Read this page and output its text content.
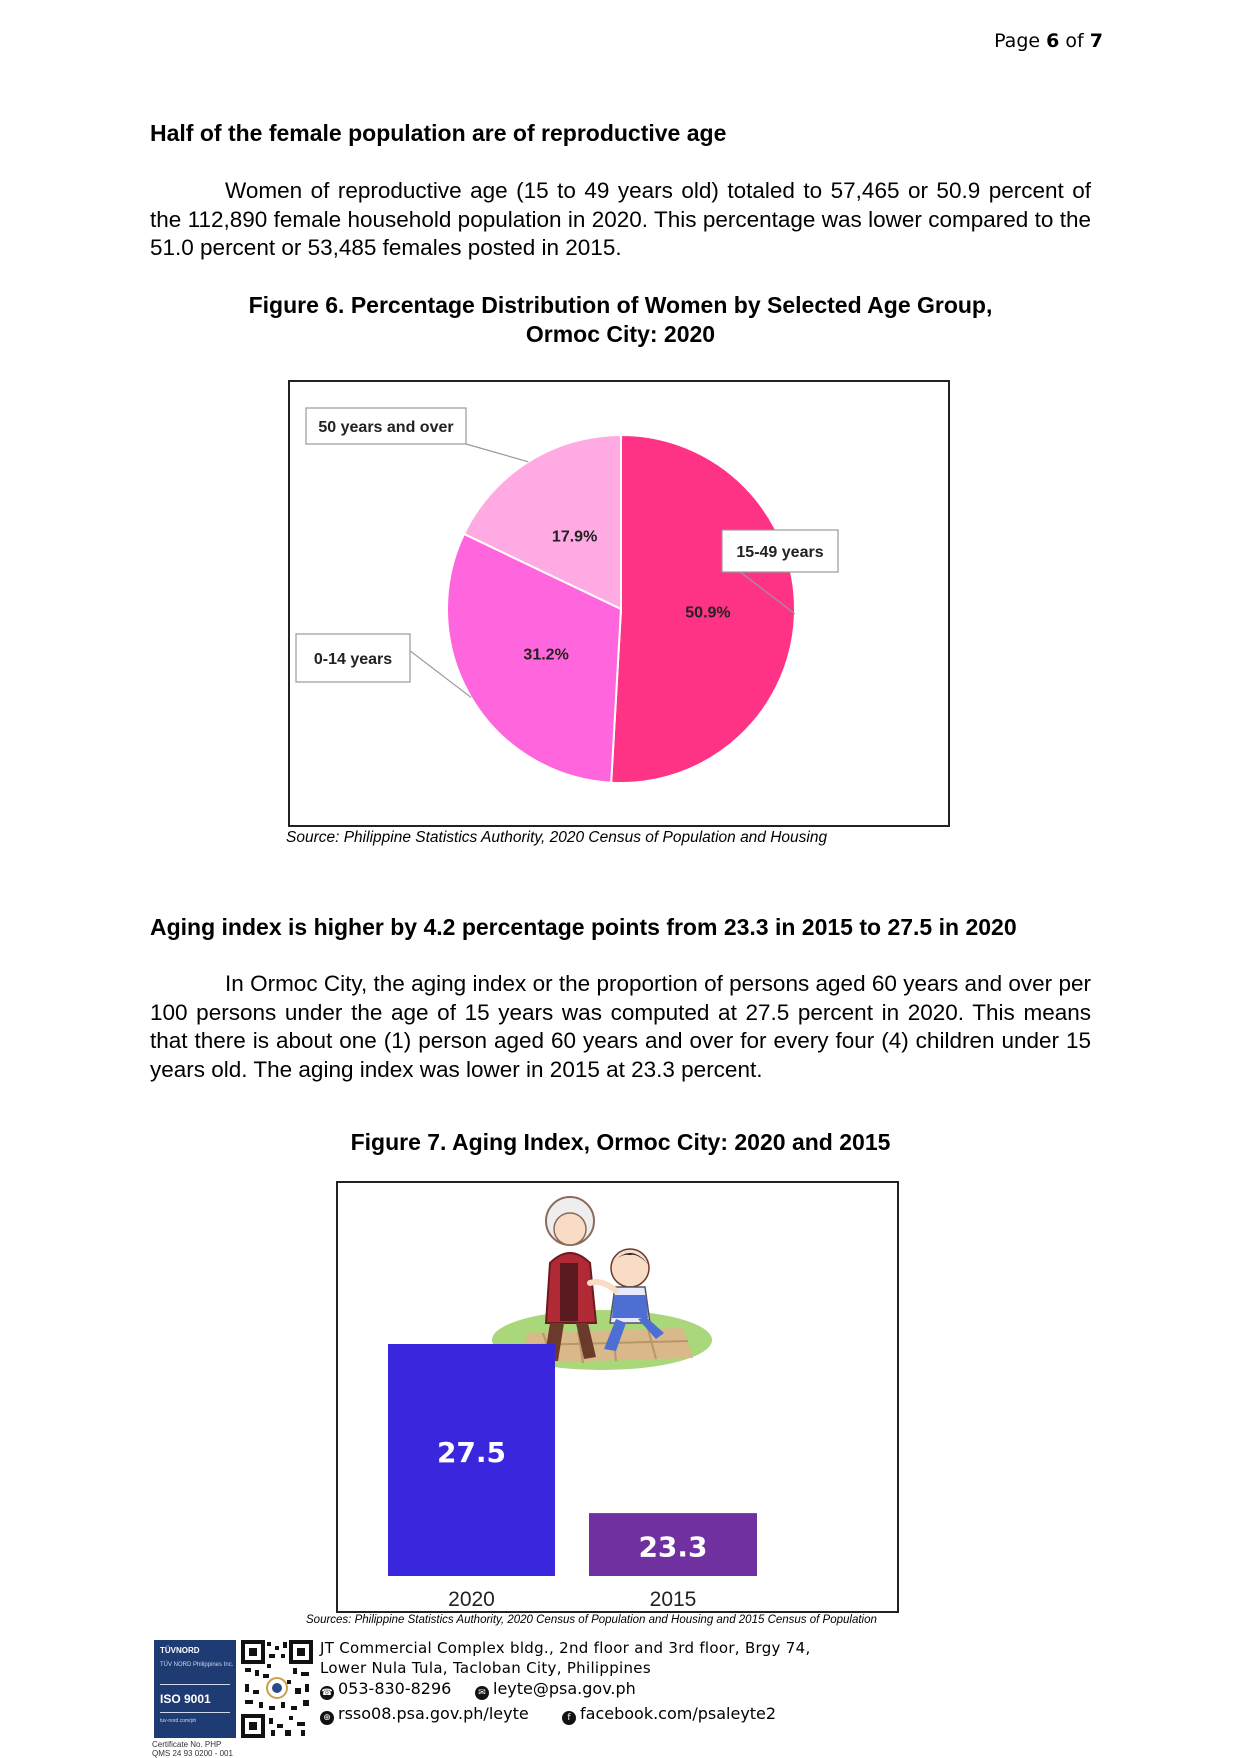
Page 6 of 7
Half of the female population are of reproductive age
Women of reproductive age (15 to 49 years old) totaled to 57,465 or 50.9 percent of the 112,890 female household population in 2020. This percentage was lower compared to the 51.0 percent or 53,485 females posted in 2015.
Figure 6. Percentage Distribution of Women by Selected Age Group,
Ormoc City: 2020
50.9%
15-49 years
31.2%
0-14 years
17.9%
50 years and over
Source: Philippine Statistics Authority, 2020 Census of Population and Housing
Aging index is higher by 4.2 percentage points from 23.3 in 2015 to 27.5 in 2020
In Ormoc City, the aging index or the proportion of persons aged 60 years and over per 100 persons under the age of 15 years was computed at 27.5 percent in 2020. This means that there is about one (1) person aged 60 years and over for every four (4) children under 15 years old. The aging index was lower in 2015 at 23.3 percent.
Figure 7. Aging Index, Ormoc City: 2020 and 2015
27.5
2020
23.3
2015
Sources: Philippine Statistics Authority, 2020 Census of Population and Housing and 2015 Census of Population
TÜVNORD
TÜV NORD Philippines Inc.
ISO 9001
tuv-nord.com/ph
Certificate No. PHP
QMS 24 93 0200 - 001
JT Commercial Complex bldg., 2nd floor and 3rd floor, Brgy 74,
Lower Nula Tula, Tacloban City, Philippines
☎ 053-830-8296	✉ leyte@psa.gov.ph
⊕ rsso08.psa.gov.ph/leyte	f facebook.com/psaleyte2
